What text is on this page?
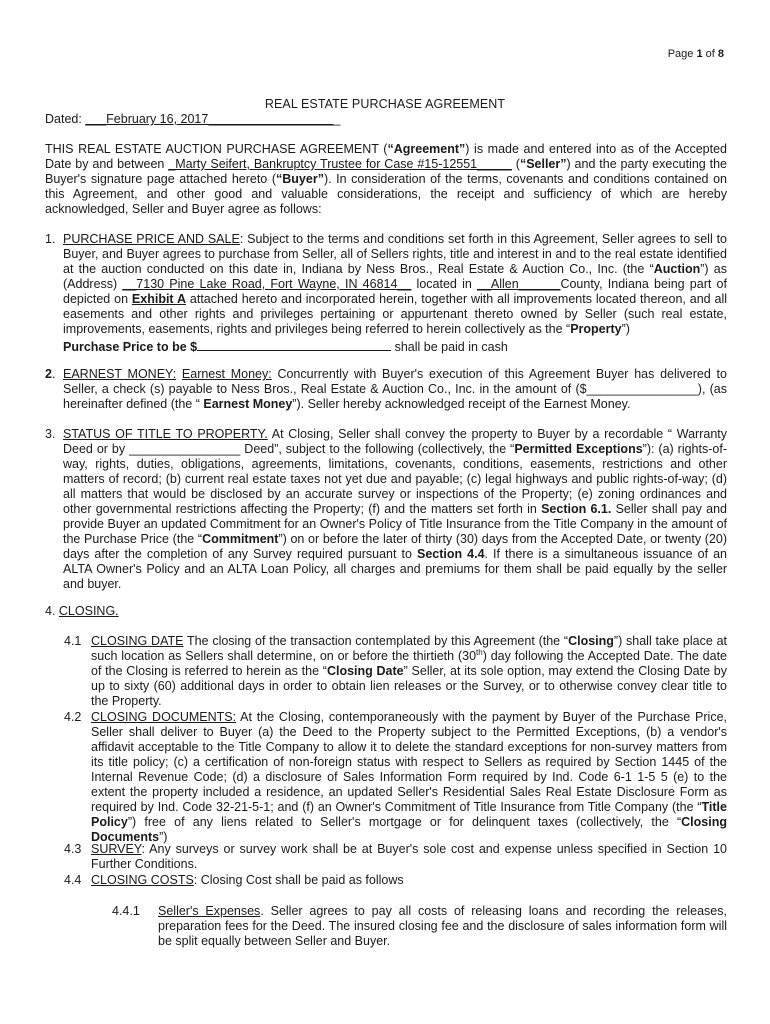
Page 1 of 8
REAL ESTATE PURCHASE AGREEMENT
Dated: ___February 16, 2017___________________
THIS REAL ESTATE AUCTION PURCHASE AGREEMENT (“Agreement”) is made and entered into as of the Accepted Date by and between _Marty Seifert, Bankruptcy Trustee for Case #15-12551_____ (“Seller”) and the party executing the Buyer's signature page attached hereto (“Buyer”). In consideration of the terms, covenants and conditions contained on this Agreement, and other good and valuable considerations, the receipt and sufficiency of which are hereby acknowledged, Seller and Buyer agree as follows:
1. PURCHASE PRICE AND SALE: Subject to the terms and conditions set forth in this Agreement, Seller agrees to sell to Buyer, and Buyer agrees to purchase from Seller, all of Sellers rights, title and interest in and to the real estate identified at the auction conducted on this date in, Indiana by Ness Bros., Real Estate & Auction Co., Inc. (the “Auction”) as (Address) __7130 Pine Lake Road, Fort Wayne, IN 46814__ located in __Allen______County, Indiana being part of depicted on Exhibit A attached hereto and incorporated herein, together with all improvements located thereon, and all easements and other rights and privileges pertaining or appurtenant thereto owned by Seller (such real estate, improvements, easements, rights and privileges being referred to herein collectively as the “Property”)
Purchase Price to be $	shall be paid in cash
2. EARNEST MONEY: Earnest Money: Concurrently with Buyer's execution of this Agreement Buyer has delivered to Seller, a check (s) payable to Ness Bros., Real Estate & Auction Co., Inc. in the amount of ($________________), (as hereinafter defined (the “ Earnest Money”). Seller hereby acknowledged receipt of the Earnest Money.
3. STATUS OF TITLE TO PROPERTY. At Closing, Seller shall convey the property to Buyer by a recordable “ Warranty Deed or by ________________ Deed”, subject to the following (collectively, the “Permitted Exceptions”): (a) rights-of-way, rights, duties, obligations, agreements, limitations, covenants, conditions, easements, restrictions and other matters of record; (b) current real estate taxes not yet due and payable; (c) legal highways and public rights-of-way; (d) all matters that would be disclosed by an accurate survey or inspections of the Property; (e) zoning ordinances and other governmental restrictions affecting the Property; (f) and the matters set forth in Section 6.1. Seller shall pay and provide Buyer an updated Commitment for an Owner's Policy of Title Insurance from the Title Company in the amount of the Purchase Price (the “Commitment”) on or before the later of thirty (30) days from the Accepted Date, or twenty (20) days after the completion of any Survey required pursuant to Section 4.4. If there is a simultaneous issuance of an ALTA Owner's Policy and an ALTA Loan Policy, all charges and premiums for them shall be paid equally by the seller and buyer.
4. CLOSING.
4.1 CLOSING DATE The closing of the transaction contemplated by this Agreement (the “Closing”) shall take place at such location as Sellers shall determine, on or before the thirtieth (30th) day following the Accepted Date. The date of the Closing is referred to herein as the “Closing Date” Seller, at its sole option, may extend the Closing Date by up to sixty (60) additional days in order to obtain lien releases or the Survey, or to otherwise convey clear title to the Property.
4.2 CLOSING DOCUMENTS: At the Closing, contemporaneously with the payment by Buyer of the Purchase Price, Seller shall deliver to Buyer (a) the Deed to the Property subject to the Permitted Exceptions, (b) a vendor's affidavit acceptable to the Title Company to allow it to delete the standard exceptions for non-survey matters from its title policy; (c) a certification of non-foreign status with respect to Sellers as required by Section 1445 of the Internal Revenue Code; (d) a disclosure of Sales Information Form required by Ind. Code 6-1 1-5 5 (e) to the extent the property included a residence, an updated Seller's Residential Sales Real Estate Disclosure Form as required by Ind. Code 32-21-5-1; and (f) an Owner's Commitment of Title Insurance from Title Company (the “Title Policy”) free of any liens related to Seller's mortgage or for delinquent taxes (collectively, the “Closing Documents”)
4.3 SURVEY: Any surveys or survey work shall be at Buyer's sole cost and expense unless specified in Section 10 Further Conditions.
4.4 CLOSING COSTS: Closing Cost shall be paid as follows
4.4.1 Seller's Expenses. Seller agrees to pay all costs of releasing loans and recording the releases, preparation fees for the Deed. The insured closing fee and the disclosure of sales information form will be split equally between Seller and Buyer.
